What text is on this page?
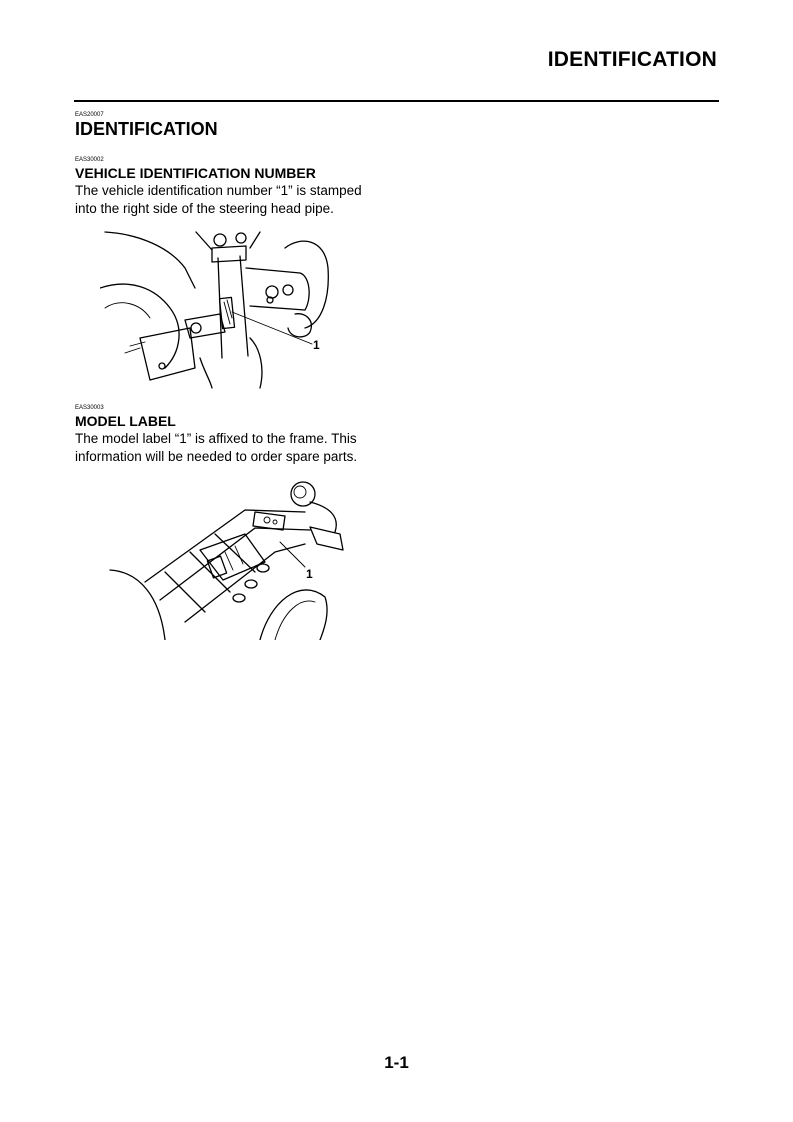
IDENTIFICATION
EAS20007
IDENTIFICATION
EAS30002
VEHICLE IDENTIFICATION NUMBER
The vehicle identification number “1” is stamped
into the right side of the steering head pipe.
1
EAS30003
MODEL LABEL
The model label “1” is affixed to the frame. This
information will be needed to order spare parts.
1
1-1
